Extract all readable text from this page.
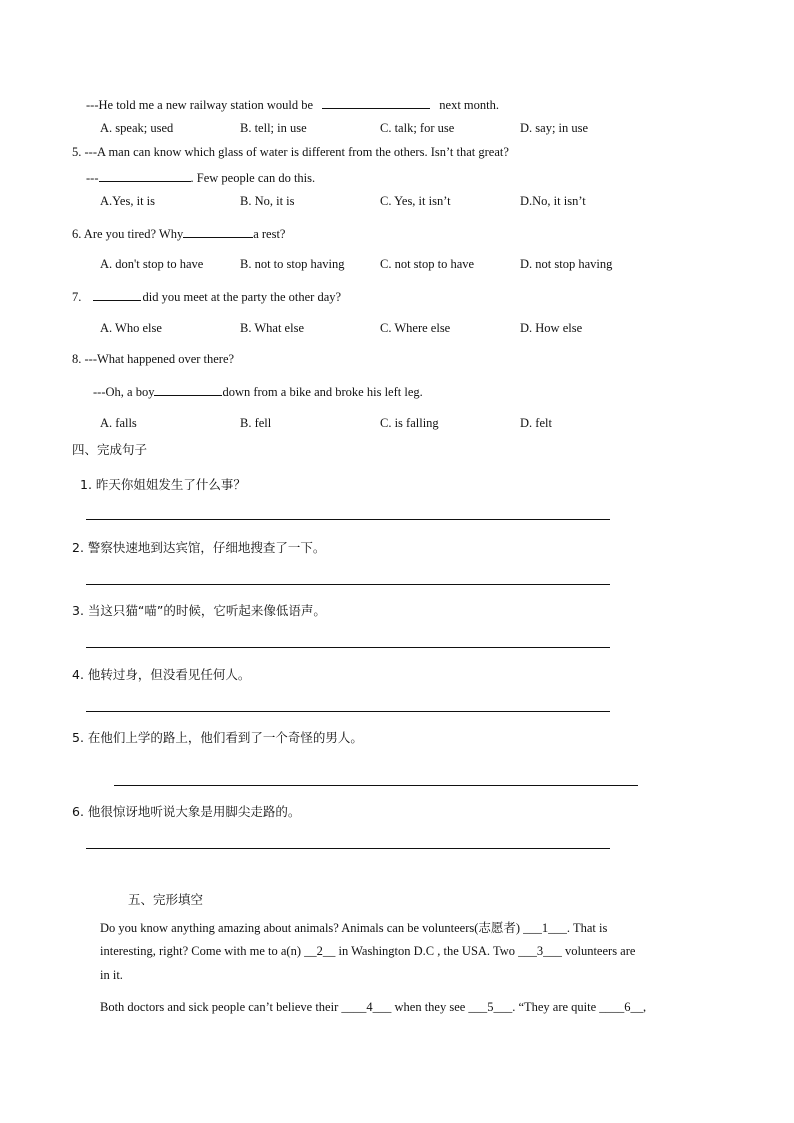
---He told me a new railway station would be	next month.
A. speak; used	B. tell; in use	C. talk; for use	D. say; in use
5. ---A man can know which glass of water is different from the others. Isn’t that great?
---	. Few people can do this.
A.Yes, it is	B. No, it is	C. Yes, it isn’t	D.No, it isn’t
6. Are you tired? Why	a rest?
A. don't stop to have	B. not to stop having	C. not stop to have	D. not stop having
7.	did you meet at the party the other day?
A. Who else	B. What else	C. Where else	D. How else
8. ---What happened over there?
---Oh, a boy	down from a bike and broke his left leg.
A. falls	B. fell	C. is falling	D. felt
四、完成句子
1. 昨天你姐姐发生了什么事？
2. 警察快速地到达宾馆，仔细地搜查了一下。
3. 当这只猫“喵”的时候，它听起来像低语声。
4. 他转过身，但没看见任何人。
5. 在他们上学的路上，他们看到了一个奇怪的男人。
6. 他很惊讶地听说大象是用脚尖走路的。
五、完形填空
Do you know anything amazing about animals? Animals can be volunteers(志愿者) ___1___. That is
interesting, right? Come with me to a(n) __2__ in Washington D.C , the USA. Two ___3___ volunteers are
in it.
Both doctors and sick people can’t believe their ____4___ when they see ___5___. “They are quite ____6__,
